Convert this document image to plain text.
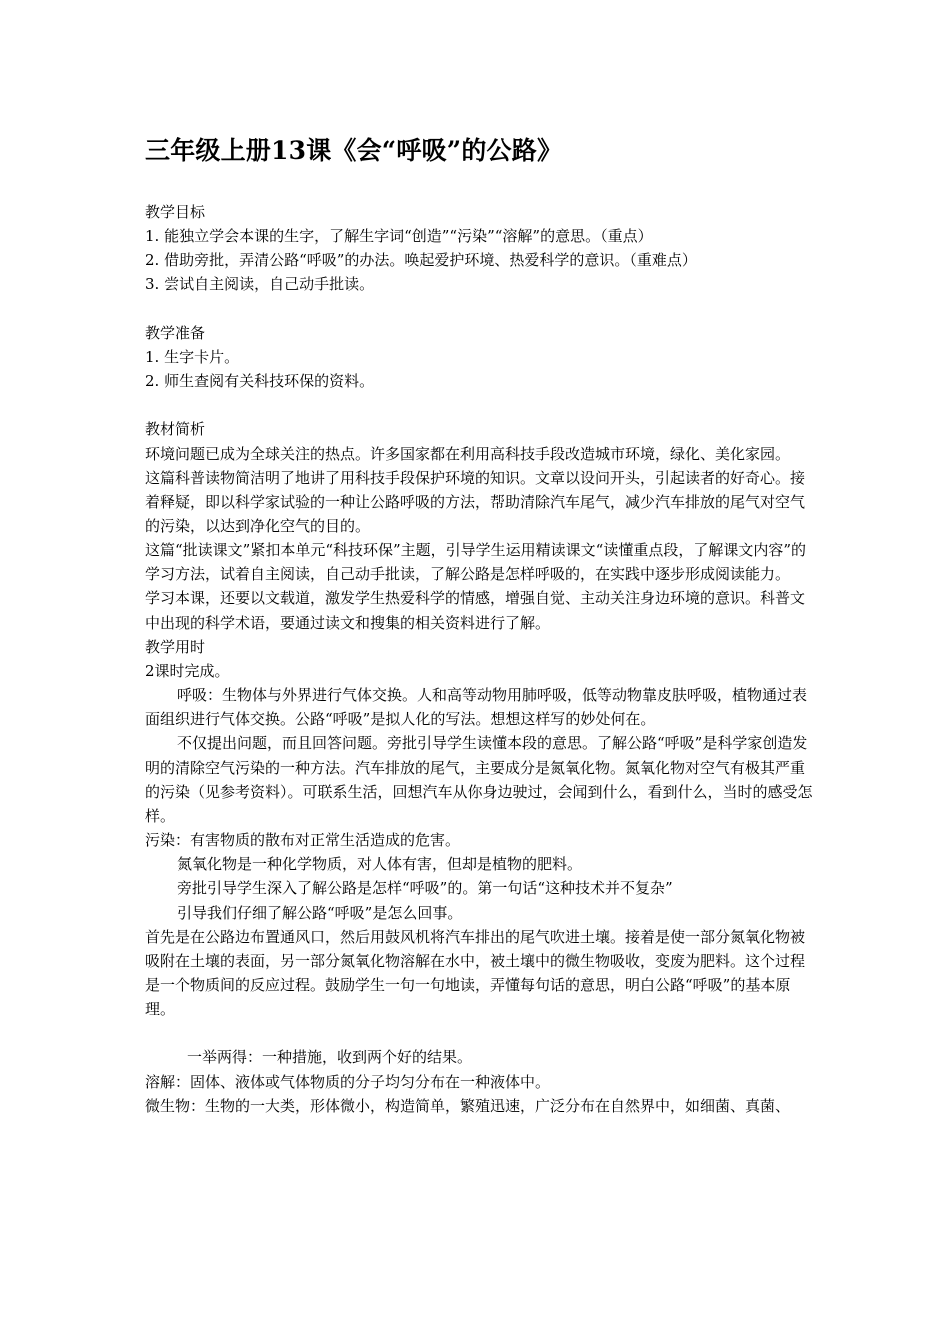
三年级上册13课《会“呼吸”的公路》

教学目标

1. 能独立学会本课的生字，了解生字词“创造”“污染”“溶解”的意思。（重点）

2. 借助旁批，弄清公路“呼吸”的办法。唤起爱护环境、热爱科学的意识。（重难点）

3. 尝试自主阅读，自己动手批读。

教学准备

1. 生字卡片。

2. 师生查阅有关科技环保的资料。

教材简析

环境问题已成为全球关注的热点。许多国家都在利用高科技手段改造城市环境，绿化、美化家园。

这篇科普读物简洁明了地讲了用科技手段保护环境的知识。文章以设问开头，引起读者的好奇心。接着释疑，即以科学家试验的一种让公路呼吸的方法，帮助清除汽车尾气，减少汽车排放的尾气对空气的污染，以达到净化空气的目的。

这篇“批读课文”紧扣本单元“科技环保”主题，引导学生运用精读课文“读懂重点段，了解课文内容”的学习方法，试着自主阅读，自己动手批读，了解公路是怎样呼吸的，在实践中逐步形成阅读能力。

学习本课，还要以文载道，激发学生热爱科学的情感，增强自觉、主动关注身边环境的意识。科普文中出现的科学术语，要通过读文和搜集的相关资料进行了解。

教学用时

2课时完成。

呼吸：生物体与外界进行气体交换。人和高等动物用肺呼吸，低等动物靠皮肤呼吸，植物通过表面组织进行气体交换。公路“呼吸”是拟人化的写法。想想这样写的妙处何在。

不仅提出问题，而且回答问题。旁批引导学生读懂本段的意思。了解公路“呼吸”是科学家创造发明的清除空气污染的一种方法。汽车排放的尾气，主要成分是氮氧化物。氮氧化物对空气有极其严重的污染（见参考资料）。可联系生活，回想汽车从你身边驶过，会闻到什么，看到什么，当时的感受怎样。

污染：有害物质的散布对正常生活造成的危害。

氮氧化物是一种化学物质，对人体有害，但却是植物的肥料。

旁批引导学生深入了解公路是怎样“呼吸”的。第一句话“这种技术并不复杂”

引导我们仔细了解公路“呼吸”是怎么回事。

首先是在公路边布置通风口，然后用鼓风机将汽车排出的尾气吹进土壤。接着是使一部分氮氧化物被吸附在土壤的表面，另一部分氮氧化物溶解在水中，被土壤中的微生物吸收，变废为肥料。这个过程是一个物质间的反应过程。鼓励学生一句一句地读，弄懂每句话的意思，明白公路“呼吸”的基本原理。

一举两得：一种措施，收到两个好的结果。

溶解：固体、液体或气体物质的分子均匀分布在一种液体中。

微生物：生物的一大类，形体微小，构造简单，繁殖迅速，广泛分布在自然界中，如细菌、真菌、
